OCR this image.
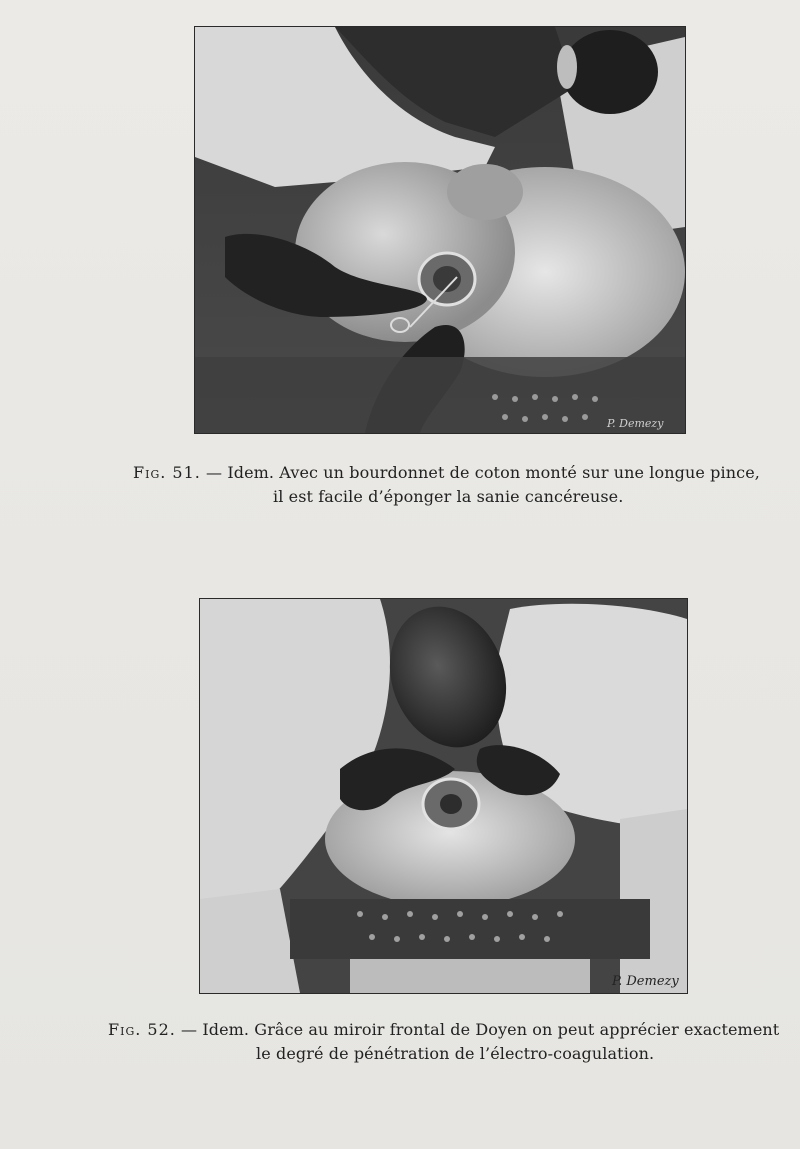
P. Demezy
Fig. 51. — Idem. Avec un bourdonnet de coton monté sur une longue pince,
il est facile d’éponger la sanie cancéreuse.
P. Demezy
Fig. 52. — Idem. Grâce au miroir frontal de Doyen on peut apprécier exactement
le degré de pénétration de l’électro-coagulation.
